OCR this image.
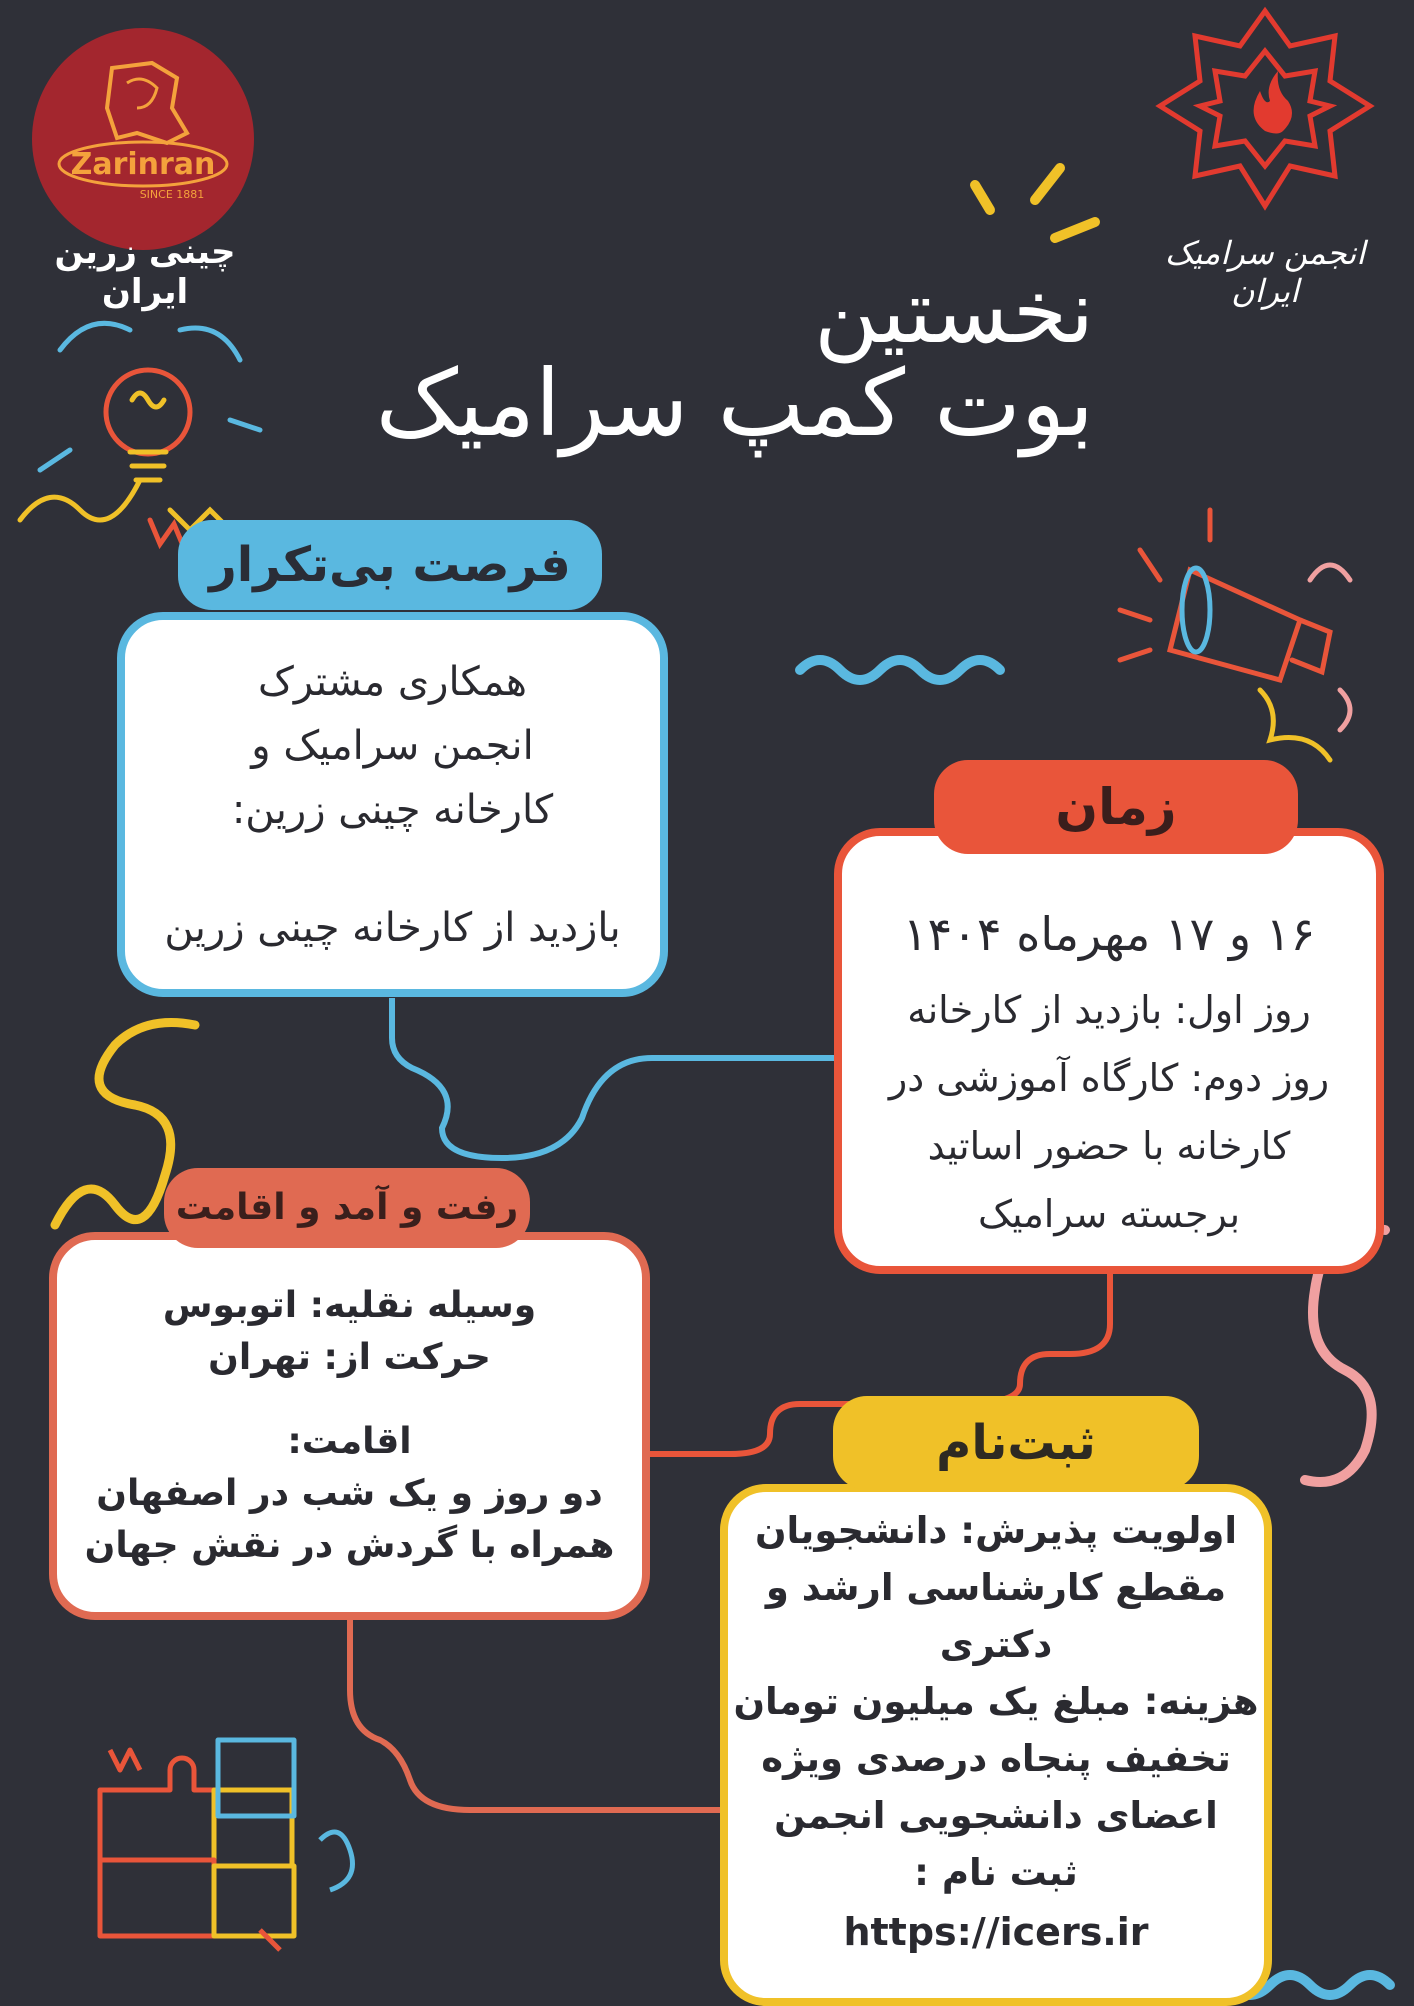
Zarinran
SINCE 1881
چینی زرین ایران
انجمن سرامیک ایران
نخستین
بوت کمپ سرامیک
فرصت بی‌تکرار
همکاری مشترک
انجمن سرامیک و
کارخانه چینی زرین:
بازدید از کارخانه چینی زرین	۱۶ و ۱۷ مهرماه ۱۴۰۴
روز اول: بازدید از کارخانه
روز دوم: کارگاه آموزشی در
کارخانه با حضور اساتید
برجسته سرامیک
زمان
وسیله نقلیه: اتوبوس
حرکت از: تهران
اقامت:
دو روز و یک شب در اصفهان
همراه با گردش در نقش جهان
رفت و آمد و اقامت
اولویت پذیرش: دانشجویان
مقطع کارشناسی ارشد و
دکتری
هزینه: مبلغ یک میلیون تومان
تخفیف پنجاه درصدی ویژه
اعضای دانشجویی انجمن
ثبت نام :
https://icers.ir
ثبت‌نام
